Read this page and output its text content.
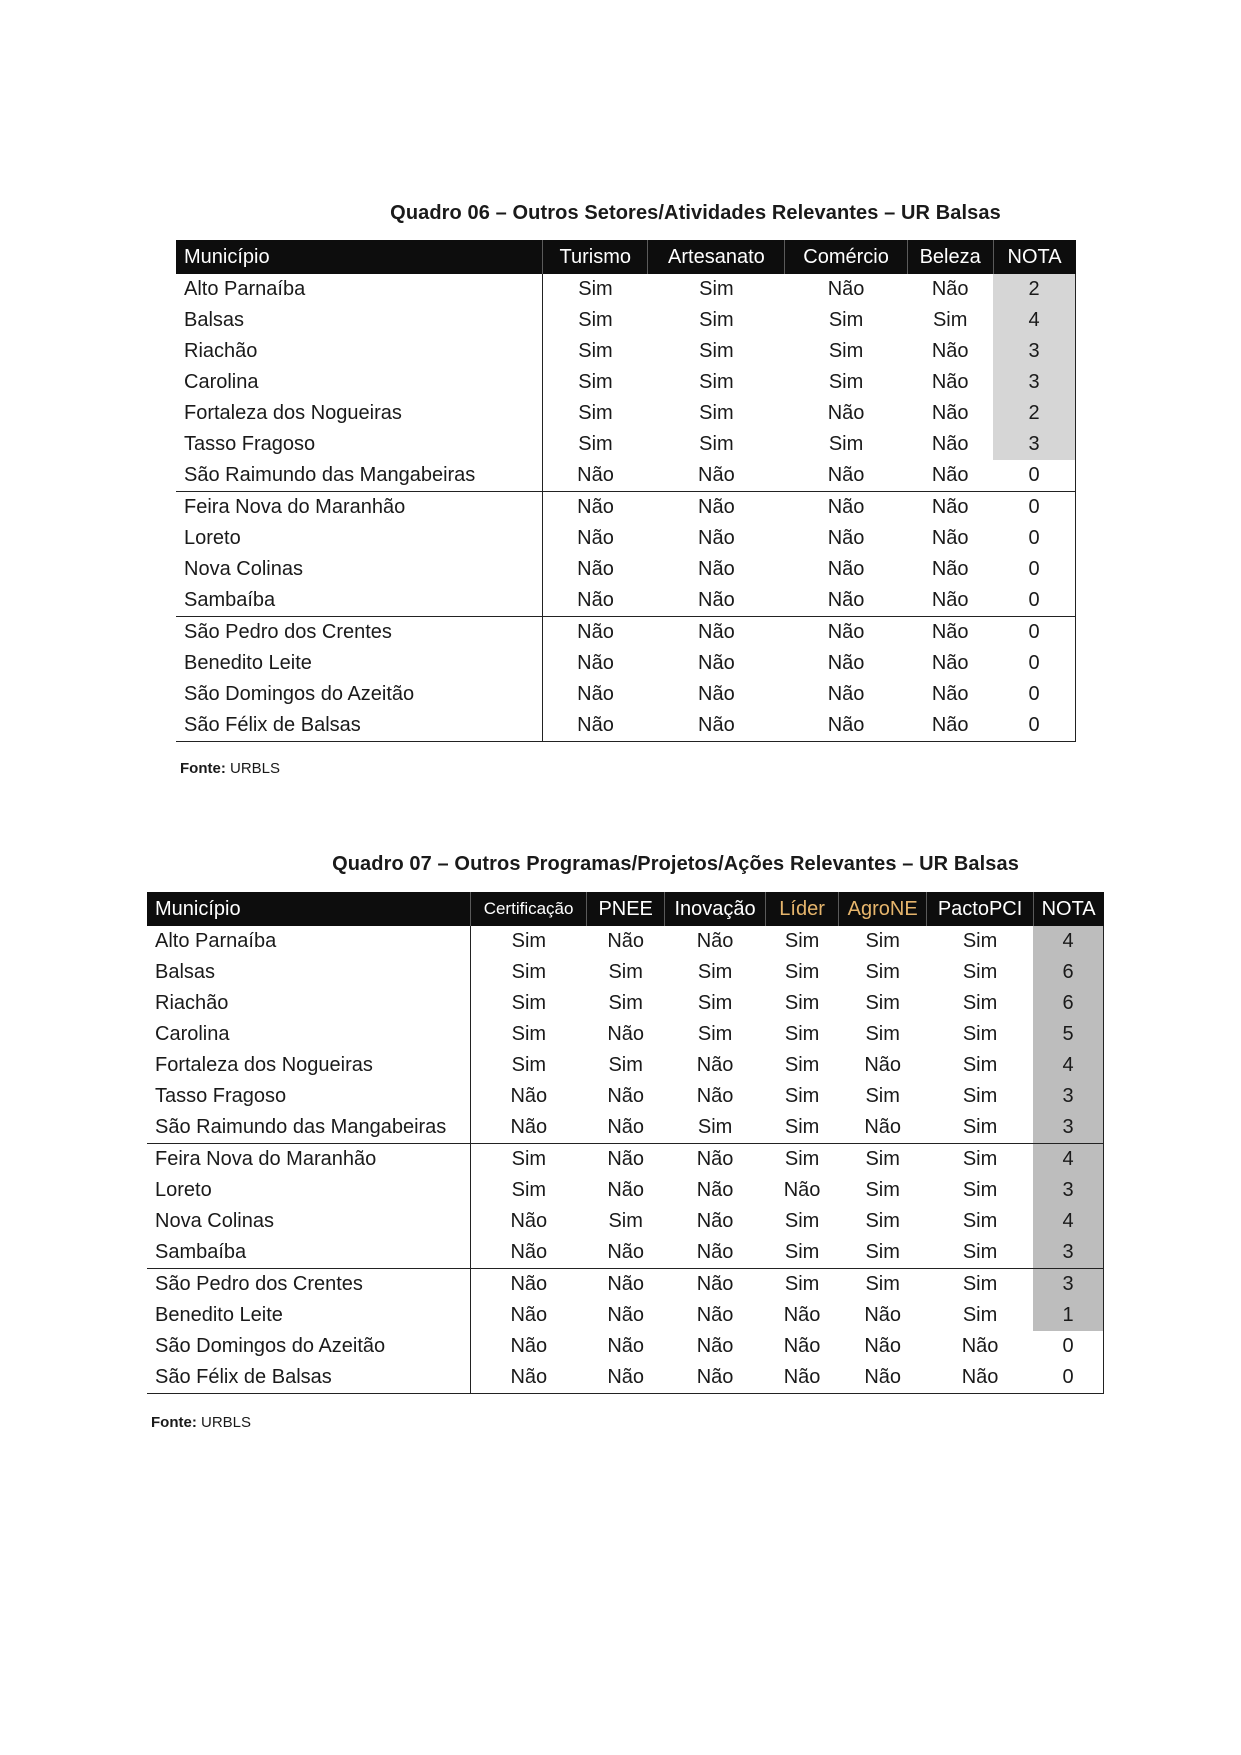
Quadro 06 – Outros Setores/Atividades Relevantes – UR Balsas
Município	Turismo	Artesanato	Comércio	Beleza	NOTA
Alto Parnaíba	Sim	Sim	Não	Não	2
Balsas	Sim	Sim	Sim	Sim	4
Riachão	Sim	Sim	Sim	Não	3
Carolina	Sim	Sim	Sim	Não	3
Fortaleza dos Nogueiras	Sim	Sim	Não	Não	2
Tasso Fragoso	Sim	Sim	Sim	Não	3
São Raimundo das Mangabeiras	Não	Não	Não	Não	0
Feira Nova do Maranhão	Não	Não	Não	Não	0
Loreto	Não	Não	Não	Não	0
Nova Colinas	Não	Não	Não	Não	0
Sambaíba	Não	Não	Não	Não	0
São Pedro dos Crentes	Não	Não	Não	Não	0
Benedito Leite	Não	Não	Não	Não	0
São Domingos do Azeitão	Não	Não	Não	Não	0
São Félix de Balsas	Não	Não	Não	Não	0
Fonte: URBLS
Quadro 07 – Outros Programas/Projetos/Ações Relevantes – UR Balsas
Município	Certificação	PNEE	Inovação	Líder	AgroNE	PactoPCI	NOTA
Alto Parnaíba	Sim	Não	Não	Sim	Sim	Sim	4
Balsas	Sim	Sim	Sim	Sim	Sim	Sim	6
Riachão	Sim	Sim	Sim	Sim	Sim	Sim	6
Carolina	Sim	Não	Sim	Sim	Sim	Sim	5
Fortaleza dos Nogueiras	Sim	Sim	Não	Sim	Não	Sim	4
Tasso Fragoso	Não	Não	Não	Sim	Sim	Sim	3
São Raimundo das Mangabeiras	Não	Não	Sim	Sim	Não	Sim	3
Feira Nova do Maranhão	Sim	Não	Não	Sim	Sim	Sim	4
Loreto	Sim	Não	Não	Não	Sim	Sim	3
Nova Colinas	Não	Sim	Não	Sim	Sim	Sim	4
Sambaíba	Não	Não	Não	Sim	Sim	Sim	3
São Pedro dos Crentes	Não	Não	Não	Sim	Sim	Sim	3
Benedito Leite	Não	Não	Não	Não	Não	Sim	1
São Domingos do Azeitão	Não	Não	Não	Não	Não	Não	0
São Félix de Balsas	Não	Não	Não	Não	Não	Não	0
Fonte: URBLS
